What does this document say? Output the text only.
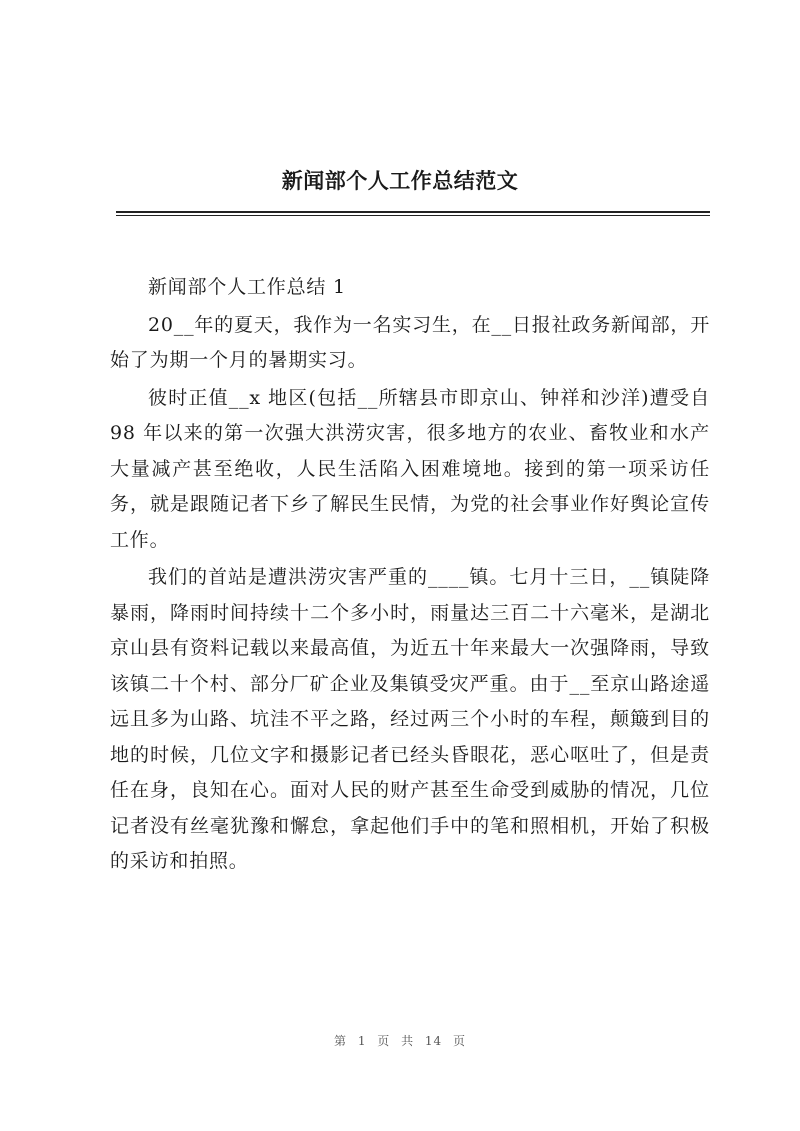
新闻部个人工作总结范文

新闻部个人工作总结 1

20__年的夏天，我作为一名实习生，在__日报社政务新闻部，开始了为期一个月的暑期实习。

彼时正值__x 地区(包括__所辖县市即京山、钟祥和沙洋)遭受自 98 年以来的第一次强大洪涝灾害，很多地方的农业、畜牧业和水产大量减产甚至绝收，人民生活陷入困难境地。接到的第一项采访任务，就是跟随记者下乡了解民生民情，为党的社会事业作好舆论宣传工作。

我们的首站是遭洪涝灾害严重的____镇。七月十三日，__镇陡降暴雨，降雨时间持续十二个多小时，雨量达三百二十六毫米，是湖北京山县有资料记载以来最高值，为近五十年来最大一次强降雨，导致该镇二十个村、部分厂矿企业及集镇受灾严重。由于__至京山路途遥远且多为山路、坑洼不平之路，经过两三个小时的车程，颠簸到目的地的时候，几位文字和摄影记者已经头昏眼花，恶心呕吐了，但是责任在身，良知在心。面对人民的财产甚至生命受到威胁的情况，几位记者没有丝毫犹豫和懈怠，拿起他们手中的笔和照相机，开始了积极的采访和拍照。

第 1 页 共 14 页
